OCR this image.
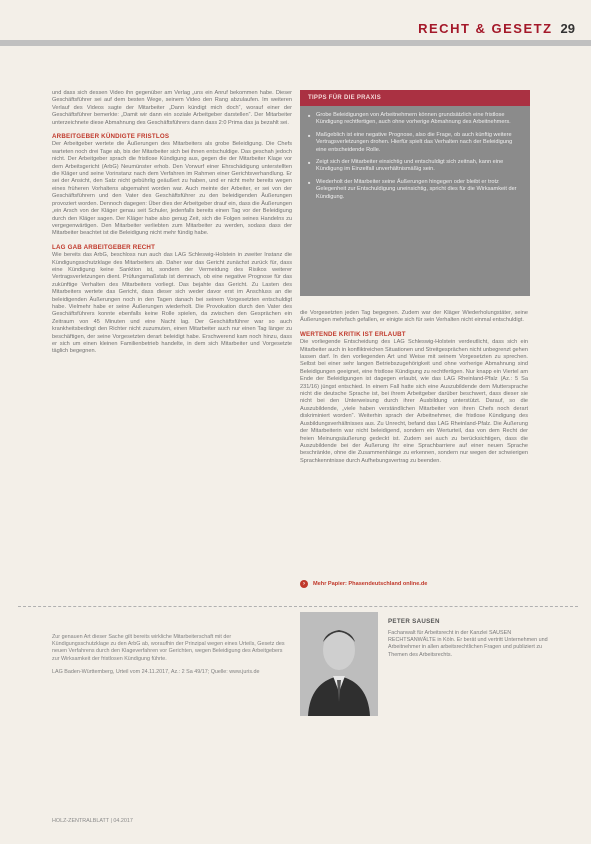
RECHT & GESETZ 29

und dass sich dessen Video ihn gegenüber am Verlag „uns ein Anruf bekommen habe. Dieser Geschäftsführer sei auf dem besten Wege, seinem Video den Rang abzulaufen. Im weiteren Verlauf des Videos sagte der Mitarbeiter „Dann kündigt mich doch“, worauf einer der Geschäftsführer bemerkte: „Damit wir dann ein soziale Arbeitgeber darstellen“. Der Mitarbeiter unterzeichnete diese Abmahnung des Geschäftsführers dann dass 2:0 Prima das ja bezahlt sei.

ARBEITGEBER KÜNDIGTE FRISTLOS

Der Arbeitgeber wertete die Äußerungen des Mitarbeiters als grobe Beleidigung. Die Chefs warteten noch drei Tage ab, bis der Mitarbeiter sich bei ihnen entschuldige. Das geschah jedoch nicht. Der Arbeitgeber sprach die fristlose Kündigung aus, gegen die der Mitarbeiter Klage vor dem Arbeitsgericht (ArbG) Neumünster erhob. Den Vorwurf einer Ehrschädigung unterstellten die Kläger und seine Vorinstanz nach dem Verfahren im Rahmen einer Gerichtsverhandlung. Er sei der Ansicht, den Satz nicht gebührlig geäußert zu haben, und er nicht mehr bereits wegen eines früheren Vorhaltens abgemahnt worden war. Auch meinte der Arbeiter, er sei von der Geschäftsführern und den Vater des Geschäftsführer zu den beleidigenden Äußerungen provoziert worden. Dennoch dagegen: Über dies der Arbeitgeber drauf ein, dass die Äußerungen „ein Arsch von der Kläger genau seit Schuler, jedenfalls bereits einen Tag vor der Beleidigung durch den Kläger sagen. Der Kläger habe also genug Zeit, sich die Folgen seines Handelns zu vergegenwärtigen. Den Mitarbeiter verliebten zum Mitarbeiter zu werden, sodass dass der Mitarbeiter beachtet ist die Beleidigung nicht mehr fündig habe.

LAG GAB ARBEITGEBER RECHT

Wie bereits das ArbG, beschloss nun auch das LAG Schleswig-Holstein in zweiter Instanz die Kündigungsschutzklage des Mitarbeiters ab. Daher war das Gericht zunächst zurück für, dass eine Kündigung keine Sanktion ist, sondern der Vermeidung des Risikos weiterer Vertragsverletzungen dient. Prüfungsmaßstab ist demnach, ob eine negative Prognose für das zukünftige Verhalten des Mitarbeiters vorliegt. Das bejahte das Gericht. Zu Lasten des Mitarbeiters wertete das Gericht, dass dieser sich weder davor erst im Anschluss an die beleidigenden Äußerungen noch in den Tagen danach bei seinem Vorgesetzten entschuldigt habe. Vielmehr habe er seine Äußerungen wiederholt. Die Provokation durch den Vater des Geschäftsführers konnte ebenfalls keine Rolle spielen, da zwischen den Gesprächen ein Zeitraum von 45 Minuten und eine Nacht lag. Der Geschäftsführer war so auch krankheitsbedingt den Richter nicht zuzumuten, einen Mitarbeiter auch nur einen Tag länger zu beschäftigen, der seine Vorgesetzten derart beleidigt habe. Erschwerend kam noch hinzu, dass er sich um einen kleinen Familienbetrieb handelte, in dem sich Mitarbeiter und Vorgesetzte täglich begegnen.

TIPPS FÜR DIE PRAXIS
■ Grobe Beleidigungen von Arbeitnehmern können grundsätzlich eine fristlose Kündigung rechtfertigen, auch ohne vorherige Abmahnung des Arbeitnehmers.
■ Maßgeblich ist eine negative Prognose, also die Frage, ob auch künftig weitere Vertragsverletzungen drohen. Hierfür spielt das Verhalten nach der Beleidigung eine entscheidende Rolle.
■ Zeigt sich der Mitarbeiter einsichtig und entschuldigt sich zeitnah, kann eine Kündigung im Einzelfall unverhältnismäßig sein.
■ Wiederholt der Mitarbeiter seine Äußerungen hingegen oder bleibt er trotz Gelegenheit zur Entschuldigung uneinsichtig, spricht dies für die Wirksamkeit der Kündigung.

die Vorgesetzten jeden Tag begegnen. Zudem war der Kläger Wiederholungstäter, seine Äußerungen mehrfach gefallen, er einigte sich für sein Verhalten nicht einmal entschuldigt.

WERTENDE KRITIK IST ERLAUBT

Die vorliegende Entscheidung des LAG Schleswig-Holstein verdeutlicht, dass sich ein Mitarbeiter auch in konfliktreichen Situationen und Streitgesprächen nicht unbegrenzt gehen lassen darf. In den vorliegenden Art und Weise mit seinem Vorgesetzten zu sprechen. Selbst bei einer sehr langen Betriebszugehörigkeit und ohne vorherige Abmahnung sind Beleidigungen geeignet, eine fristlose Kündigung zu rechtfertigen. Nur knapp ein Viertel am Ende der Beleidigungen ist dagegen erlaubt, wie das LAG Rheinland-Pfalz (Az.: 5 Sa 231/16) jüngst entschied. In einem Fall hatte sich eine Auszubildende dem Muttersprache nicht die deutsche Sprache ist, bei ihrem Arbeitgeber darüber beschwert, dass dieser sie nicht bei den Unterweisung durch ihrer Ausbildung unterstützt. Darauf, so die Auszubildende, „viele haben verständlichen Mitarbeiter von ihren Chefs noch derart diskriminiert worden“. Weiterhin sprach der Arbeitnehmer, die fristlose Kündigung des Ausbildungsverhältnisses aus. Zu Unrecht, befand das LAG Rheinland-Pfalz. Die Äußerung der Mitarbeiterin war nicht beleidigend, sondern ein Werturteil, das von dem Recht der freien Meinungsäußerung gedeckt ist. Zudem sei auch zu berücksichtigen, dass die Auszubildende bei der Äußerung ihr eine Sprachbarriere auf einer neuen Sprache beschränkte, ohne die Zusammenhänge zu erkennen, sondern nur wegen der schwierigen Sprachkenntnisse durch Aufhebungsvertrag zu beenden.

›	Mehr Papier: Phasendeutschland online.de

Zur genauen Art dieser Sache gilt bereits wirkliche Mitarbeiterschaft mit der Kündigungsschutzklage zu den ArbG ab, woraufhin der Prinzipal wegen eines Urteils, Gesetz des neuen Verfahrens durch den Klageverfahren vor Gerichten, wegen Beleidigung des Arbeitgebers zur Wirksamkeit der fristlosen Kündigung führte.

LAG Baden-Württemberg, Urteil vom 24.11.2017, Az.: 2 Sa 49/17; Quelle: www.juris.de

PETER SAUSEN
Fachanwalt für Arbeitsrecht in der Kanzlei SAUSEN RECHTSANWÄLTE in Köln. Er berät und vertritt Unternehmen und Arbeitnehmer in allen arbeitsrechtlichen Fragen und publiziert zu Themen des Arbeitsrechts.
HOLZ-ZENTRALBLATT | 04.2017
